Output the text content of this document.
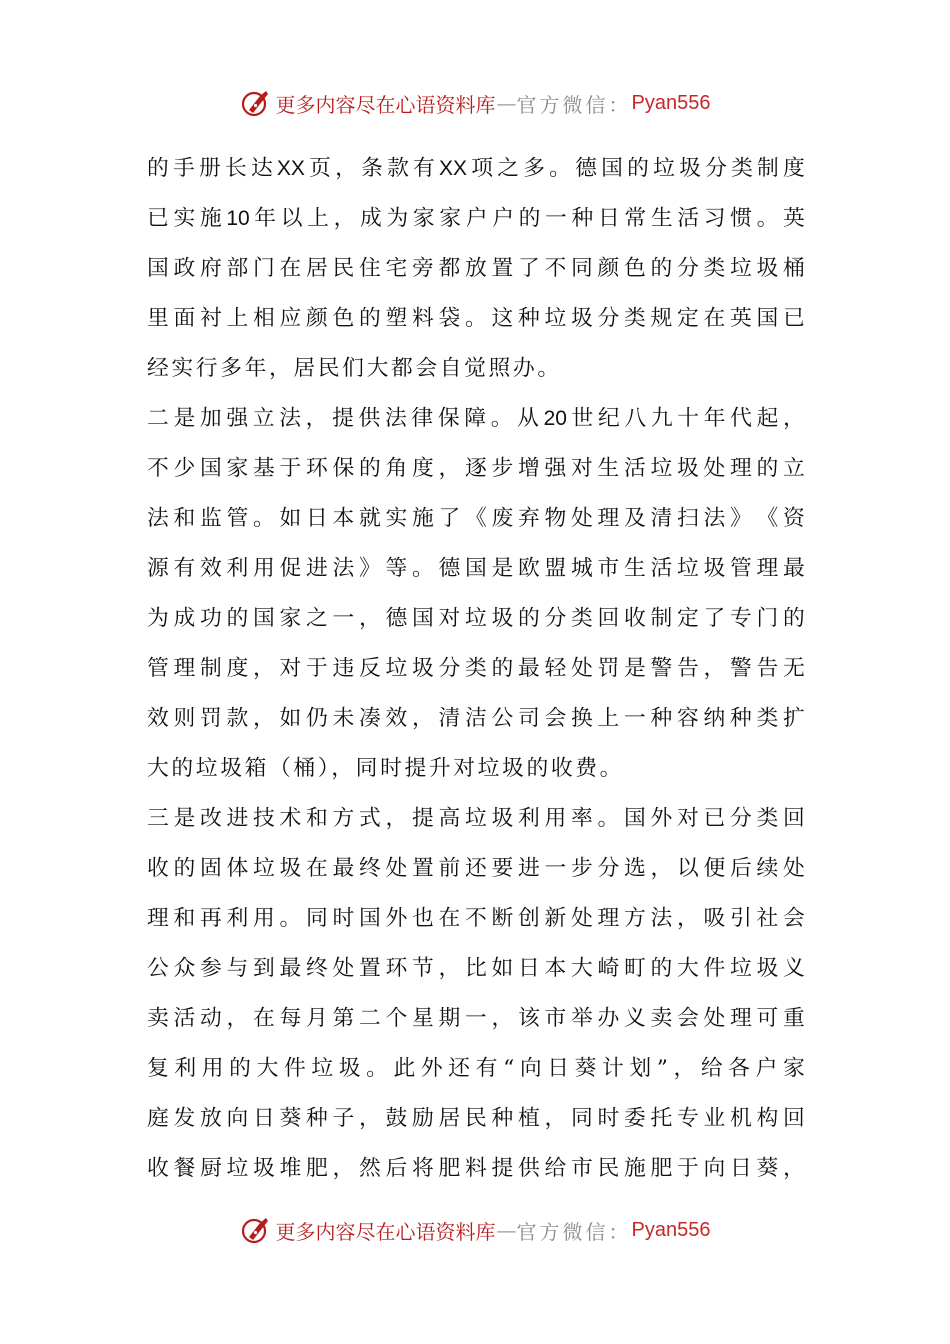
更多内容尽在心语资料库 — 官方微信： Pyan556
的 手 册 长 达 XX 页 ， 条 款 有 XX 项 之 多 。 德 国 的 垃 圾 分 类 制 度
已 实 施 10 年 以 上 ， 成 为 家 家 户 户 的 一 种 日 常 生 活 习 惯 。 英
国 政 府 部 门 在 居 民 住 宅 旁 都 放 置 了 不 同 颜 色 的 分 类 垃 圾 桶
里 面 衬 上 相 应 颜 色 的 塑 料 袋 。 这 种 垃 圾 分 类 规 定 在 英 国 已
经实行多年，居民们大都会自觉照办。
二 是 加 强 立 法 ， 提 供 法 律 保 障 。 从 20 世 纪 八 九 十 年 代 起 ，
不 少 国 家 基 于 环 保 的 角 度 ， 逐 步 增 强 对 生 活 垃 圾 处 理 的 立
法 和 监 管 。 如 日 本 就 实 施 了 《 废 弃 物 处 理 及 清 扫 法 》 《 资
源 有 效 利 用 促 进 法 》 等 。 德 国 是 欧 盟 城 市 生 活 垃 圾 管 理 最
为 成 功 的 国 家 之 一 ， 德 国 对 垃 圾 的 分 类 回 收 制 定 了 专 门 的
管 理 制 度 ， 对 于 违 反 垃 圾 分 类 的 最 轻 处 罚 是 警 告 ， 警 告 无
效 则 罚 款 ， 如 仍 未 凑 效 ， 清 洁 公 司 会 换 上 一 种 容 纳 种 类 扩
大的垃圾箱（桶），同时提升对垃圾的收费。
三 是 改 进 技 术 和 方 式 ， 提 高 垃 圾 利 用 率 。 国 外 对 已 分 类 回
收 的 固 体 垃 圾 在 最 终 处 置 前 还 要 进 一 步 分 选 ， 以 便 后 续 处
理 和 再 利 用 。 同 时 国 外 也 在 不 断 创 新 处 理 方 法 ， 吸 引 社 会
公 众 参 与 到 最 终 处 置 环 节 ， 比 如 日 本 大 崎 町 的 大 件 垃 圾 义
卖 活 动 ， 在 每 月 第 二 个 星 期 一 ， 该 市 举 办 义 卖 会 处 理 可 重
复 利 用 的 大 件 垃 圾 。 此 外 还 有 “ 向 日 葵 计 划 ” ， 给 各 户 家
庭 发 放 向 日 葵 种 子 ， 鼓 励 居 民 种 植 ， 同 时 委 托 专 业 机 构 回
收 餐 厨 垃 圾 堆 肥 ， 然 后 将 肥 料 提 供 给 市 民 施 肥 于 向 日 葵 ，
更多内容尽在心语资料库 — 官方微信： Pyan556
